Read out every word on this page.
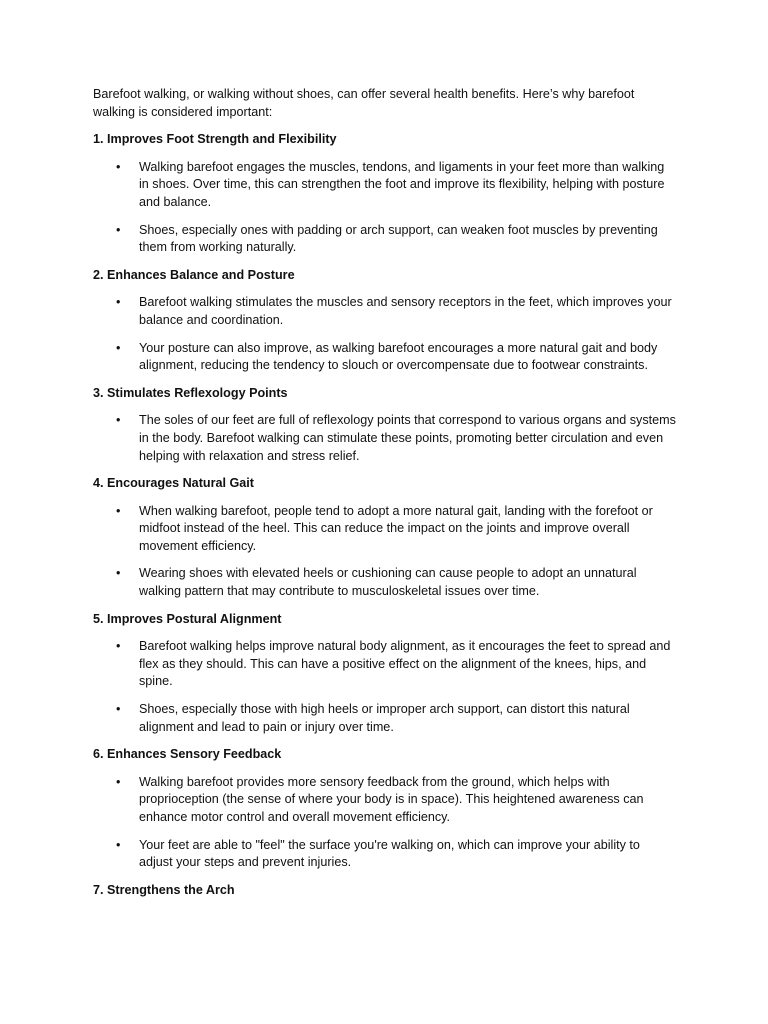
Barefoot walking, or walking without shoes, can offer several health benefits. Here’s why barefoot walking is considered important:

1. Improves Foot Strength and Flexibility

• Walking barefoot engages the muscles, tendons, and ligaments in your feet more than walking in shoes. Over time, this can strengthen the foot and improve its flexibility, helping with posture and balance.
• Shoes, especially ones with padding or arch support, can weaken foot muscles by preventing them from working naturally.

2. Enhances Balance and Posture

• Barefoot walking stimulates the muscles and sensory receptors in the feet, which improves your balance and coordination.
• Your posture can also improve, as walking barefoot encourages a more natural gait and body alignment, reducing the tendency to slouch or overcompensate due to footwear constraints.

3. Stimulates Reflexology Points

• The soles of our feet are full of reflexology points that correspond to various organs and systems in the body. Barefoot walking can stimulate these points, promoting better circulation and even helping with relaxation and stress relief.

4. Encourages Natural Gait

• When walking barefoot, people tend to adopt a more natural gait, landing with the forefoot or midfoot instead of the heel. This can reduce the impact on the joints and improve overall movement efficiency.
• Wearing shoes with elevated heels or cushioning can cause people to adopt an unnatural walking pattern that may contribute to musculoskeletal issues over time.

5. Improves Postural Alignment

• Barefoot walking helps improve natural body alignment, as it encourages the feet to spread and flex as they should. This can have a positive effect on the alignment of the knees, hips, and spine.
• Shoes, especially those with high heels or improper arch support, can distort this natural alignment and lead to pain or injury over time.

6. Enhances Sensory Feedback

• Walking barefoot provides more sensory feedback from the ground, which helps with proprioception (the sense of where your body is in space). This heightened awareness can enhance motor control and overall movement efficiency.
• Your feet are able to "feel" the surface you're walking on, which can improve your ability to adjust your steps and prevent injuries.

7. Strengthens the Arch
